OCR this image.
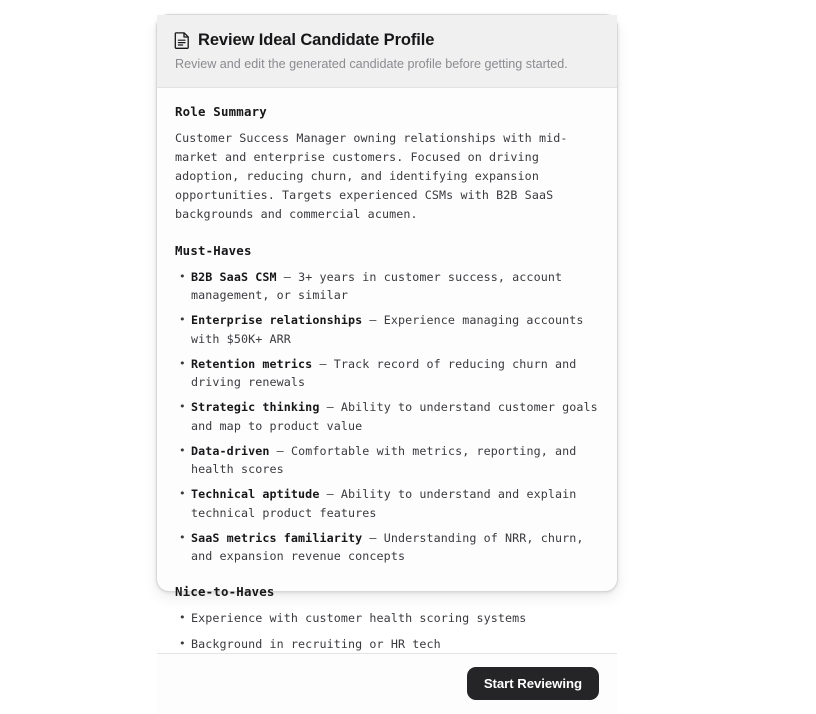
Review Ideal Candidate Profile
Review and edit the generated candidate profile before getting started.
Role Summary
Customer Success Manager owning relationships with mid-market and enterprise customers. Focused on driving adoption, reducing churn, and identifying expansion opportunities. Targets experienced CSMs with B2B SaaS backgrounds and commercial acumen.
Must-Haves
• B2B SaaS CSM — 3+ years in customer success, account management, or similar
• Enterprise relationships — Experience managing accounts with $50K+ ARR
• Retention metrics — Track record of reducing churn and driving renewals
• Strategic thinking — Ability to understand customer goals and map to product value
• Data-driven — Comfortable with metrics, reporting, and health scores
• Technical aptitude — Ability to understand and explain technical product features
• SaaS metrics familiarity — Understanding of NRR, churn, and expansion revenue concepts
Nice-to-Haves
• Experience with customer health scoring systems
• Background in recruiting or HR tech
Start Reviewing
